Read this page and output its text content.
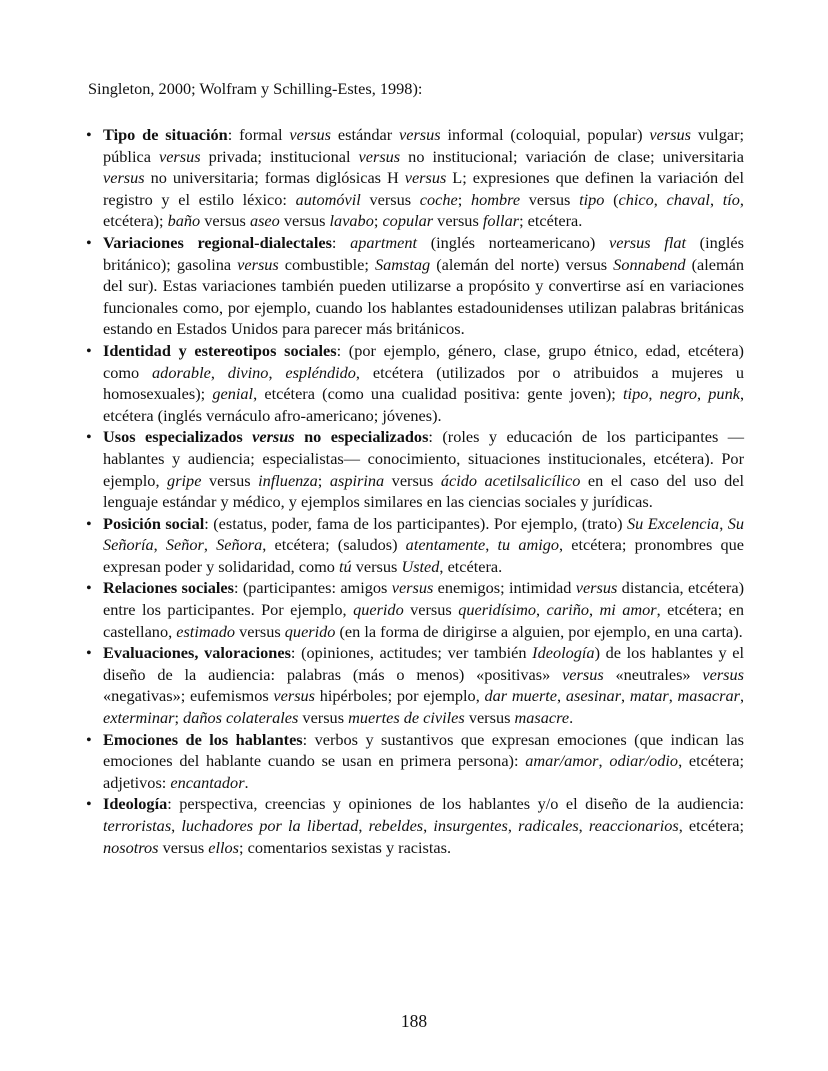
Singleton, 2000; Wolfram y Schilling-Estes, 1998):
• Tipo de situación: formal versus estándar versus informal (coloquial, popular) versus vulgar; pública versus privada; institucional versus no institucional; variación de clase; universitaria versus no universitaria; formas diglósicas H versus L; expresiones que definen la variación del registro y el estilo léxico: automóvil versus coche; hombre versus tipo (chico, chaval, tío, etcétera); baño versus aseo versus lavabo; copular versus follar; etcétera.
• Variaciones regional-dialectales: apartment (inglés norteamericano) versus flat (inglés británico); gasolina versus combustible; Samstag (alemán del norte) versus Sonnabend (alemán del sur). Estas variaciones también pueden utilizarse a propósito y convertirse así en variaciones funcionales como, por ejemplo, cuando los hablantes estadounidenses utilizan palabras británicas estando en Estados Unidos para parecer más británicos.
• Identidad y estereotipos sociales: (por ejemplo, género, clase, grupo étnico, edad, etcétera) como adorable, divino, espléndido, etcétera (utilizados por o atribuidos a mujeres u homosexuales); genial, etcétera (como una cualidad positiva: gente joven); tipo, negro, punk, etcétera (inglés vernáculo afro-americano; jóvenes).
• Usos especializados versus no especializados: (roles y educación de los participantes —hablantes y audiencia; especialistas— conocimiento, situaciones institucionales, etcétera). Por ejemplo, gripe versus influenza; aspirina versus ácido acetilsalicílico en el caso del uso del lenguaje estándar y médico, y ejemplos similares en las ciencias sociales y jurídicas.
• Posición social: (estatus, poder, fama de los participantes). Por ejemplo, (trato) Su Excelencia, Su Señoría, Señor, Señora, etcétera; (saludos) atentamente, tu amigo, etcétera; pronombres que expresan poder y solidaridad, como tú versus Usted, etcétera.
• Relaciones sociales: (participantes: amigos versus enemigos; intimidad versus distancia, etcétera) entre los participantes. Por ejemplo, querido versus queridísimo, cariño, mi amor, etcétera; en castellano, estimado versus querido (en la forma de dirigirse a alguien, por ejemplo, en una carta).
• Evaluaciones, valoraciones: (opiniones, actitudes; ver también Ideología) de los hablantes y el diseño de la audiencia: palabras (más o menos) «positivas» versus «neutrales» versus «negativas»; eufemismos versus hipérboles; por ejemplo, dar muerte, asesinar, matar, masacrar, exterminar; daños colaterales versus muertes de civiles versus masacre.
• Emociones de los hablantes: verbos y sustantivos que expresan emociones (que indican las emociones del hablante cuando se usan en primera persona): amar/amor, odiar/odio, etcétera; adjetivos: encantador.
• Ideología: perspectiva, creencias y opiniones de los hablantes y/o el diseño de la audiencia: terroristas, luchadores por la libertad, rebeldes, insurgentes, radicales, reaccionarios, etcétera; nosotros versus ellos; comentarios sexistas y racistas.
188
